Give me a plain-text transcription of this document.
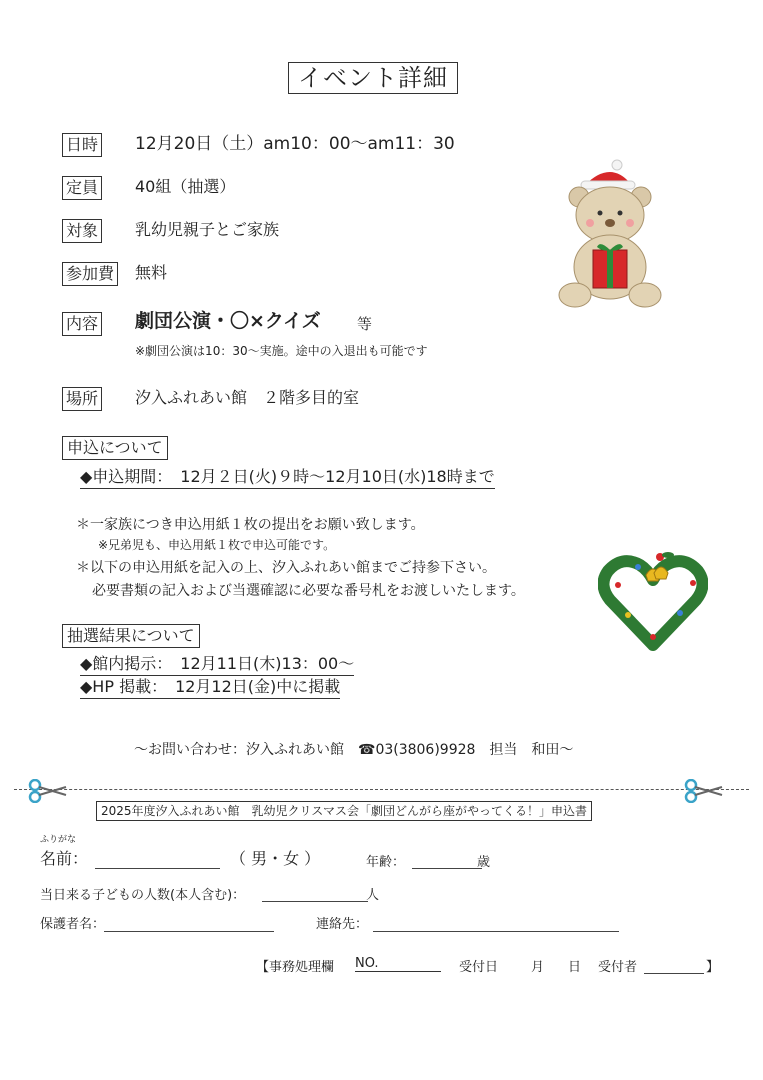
イベント詳細
日時 12月20日（土）am10：00〜am11：30
定員 40組（抽選）
対象 乳幼児親子とご家族
参加費 無料
内容 劇団公演・〇×クイズ 等
※劇団公演は10：30〜実施。途中の入退出も可能です
場所 汐入ふれあい館　２階多目的室
申込について
◆申込期間：　12月２日(火)９時〜12月10日(水)18時まで
＊一家族につき申込用紙１枚の提出をお願い致します。
※兄弟児も、申込用紙１枚で申込可能です。
＊以下の申込用紙を記入の上、汐入ふれあい館までご持参下さい。
必要書類の記入および当選確認に必要な番号札をお渡しいたします。
抽選結果について
◆館内掲示：　12月11日(木)13：00〜
◆HP 掲載：　12月12日(金)中に掲載
〜お問い合わせ：汐入ふれあい館　☎03(3806)9928　担当　和田〜
2025年度汐入ふれあい館　乳幼児クリスマス会「劇団どんがら座がやってくる！」申込書
ふりがな
名前：	（ 男・女 ）	年齢：	歳
当日来る子どもの人数(本人含む)：	人
保護者名：	連絡先：
【事務処理欄 NO.	受付日	月 日 受付者	】
